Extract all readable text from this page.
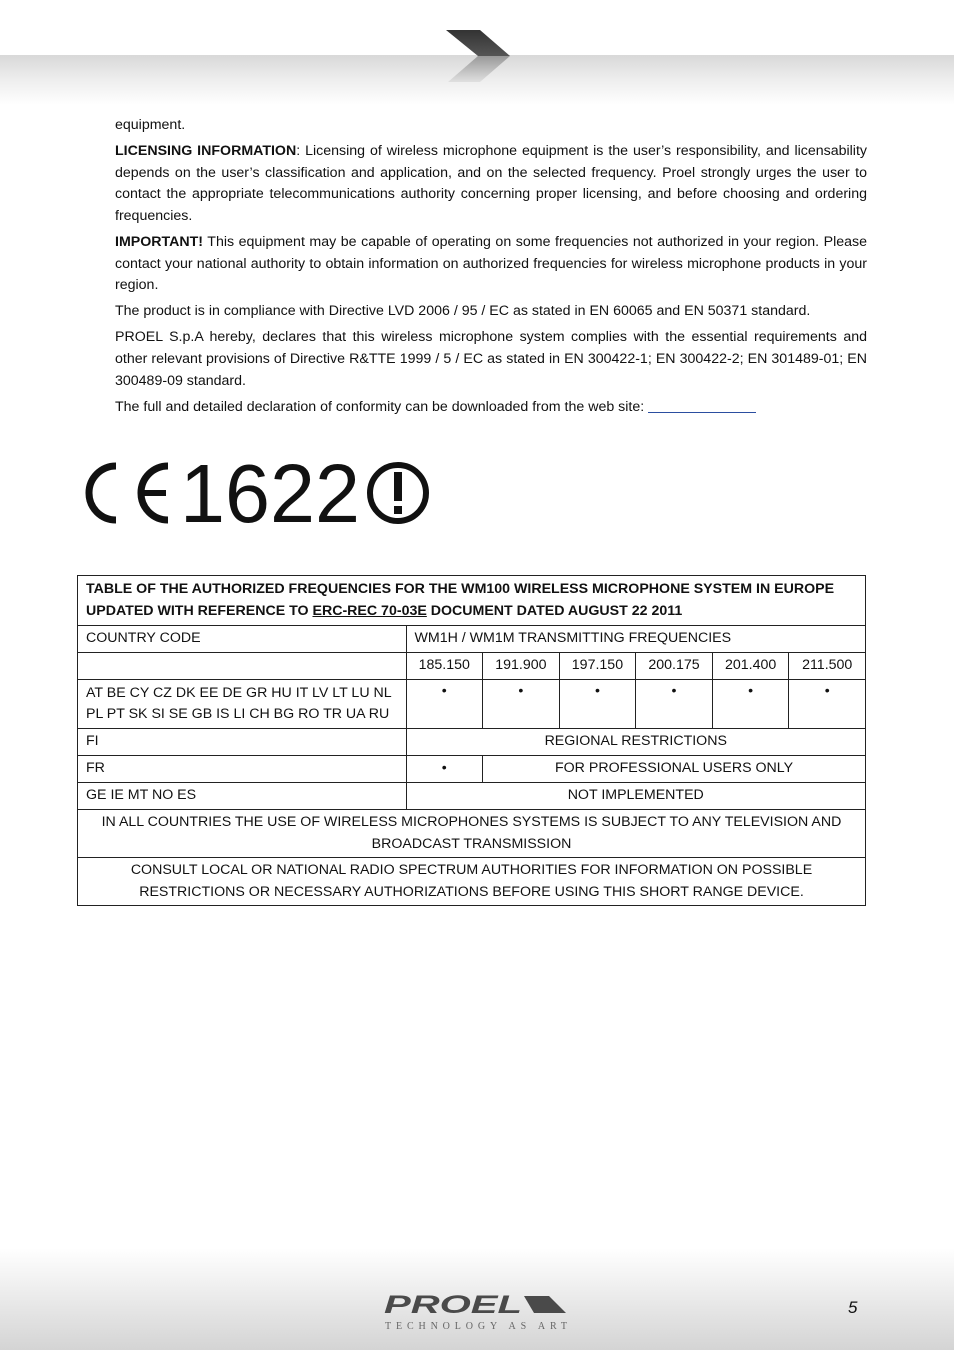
equipment.

LICENSING INFORMATION: Licensing of wireless microphone equipment is the user’s responsibility, and licensability depends on the user’s classification and application, and on the selected frequency. Proel strongly urges the user to contact the appropriate telecommunications authority concerning proper licensing, and before choosing and ordering frequencies.

IMPORTANT! This equipment may be capable of operating on some frequencies not authorized in your region. Please contact your national authority to obtain information on authorized frequencies for wireless microphone products in your region.

The product is in compliance with Directive LVD 2006 / 95 / EC as stated in EN 60065 and EN 50371 standard.

PROEL S.p.A hereby, declares that this wireless microphone system complies with the essential requirements and other relevant provisions of Directive R&TTE 1999 / 5 / EC as stated in EN 300422-1; EN 300422-2; EN 301489-01; EN 300489-09 standard.

The full and detailed declaration of conformity can be downloaded from the web site:

1622
TABLE OF THE AUTHORIZED FREQUENCIES FOR THE WM100 WIRELESS MICROPHONE SYSTEM IN EUROPE UPDATED WITH REFERENCE TO ERC-REC 70-03E DOCUMENT DATED AUGUST 22 2011						
COUNTRY CODE	WM1H / WM1M TRANSMITTING FREQUENCIES					
	185.150	191.900	197.150	200.175	201.400	211.500
AT BE CY CZ DK EE DE GR HU IT LV LT LU NL PL PT SK SI SE GB IS LI CH BG RO TR UA RU	•	•	•	•	•	•
FI	REGIONAL RESTRICTIONS					
FR	•	FOR PROFESSIONAL USERS ONLY				
GE IE MT NO ES	NOT IMPLEMENTED					
IN ALL COUNTRIES THE USE OF WIRELESS MICROPHONES SYSTEMS IS SUBJECT TO ANY TELEVISION AND BROADCAST TRANSMISSION						
CONSULT LOCAL OR NATIONAL RADIO SPECTRUM AUTHORITIES FOR INFORMATION ON POSSIBLE RESTRICTIONS OR NECESSARY AUTHORIZATIONS BEFORE USING THIS SHORT RANGE DEVICE.						
PROEL
TECHNOLOGY AS ART
5
